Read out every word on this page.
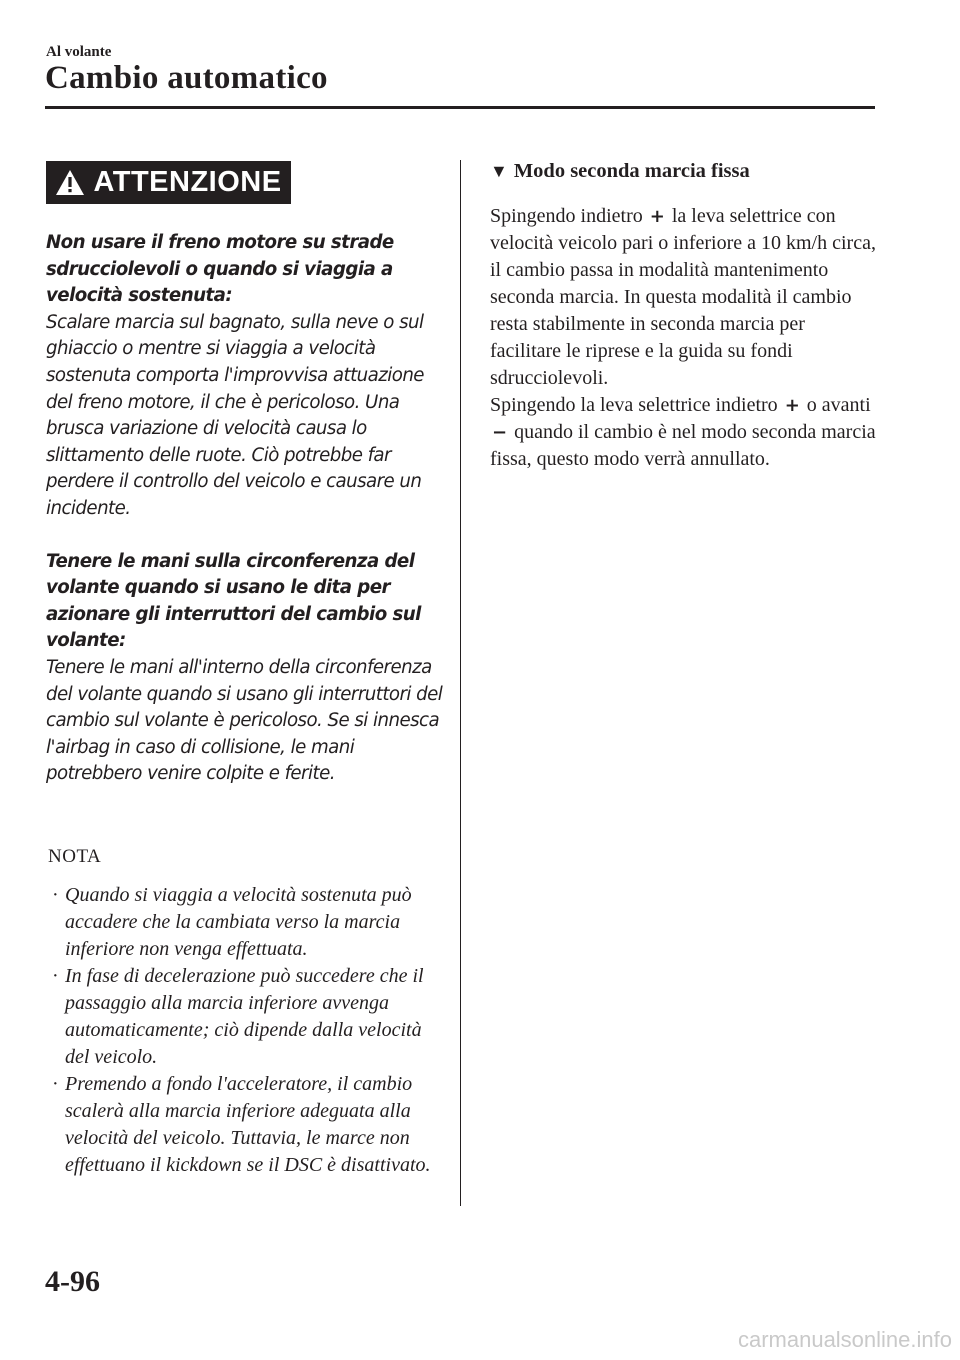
Al volante
Cambio automatico
ATTENZIONE

Non usare il freno motore su strade sdrucciolevoli o quando si viaggia a velocità sostenuta:
Scalare marcia sul bagnato, sulla neve o sul ghiaccio o mentre si viaggia a velocità sostenuta comporta l'improvvisa attuazione del freno motore, il che è pericoloso. Una brusca variazione di velocità causa lo slittamento delle ruote. Ciò potrebbe far perdere il controllo del veicolo e causare un incidente.

Tenere le mani sulla circonferenza del volante quando si usano le dita per azionare gli interruttori del cambio sul volante:
Tenere le mani all'interno della circonferenza del volante quando si usano gli interruttori del cambio sul volante è pericoloso. Se si innesca l'airbag in caso di collisione, le mani potrebbero venire colpite e ferite.

NOTA
· Quando si viaggia a velocità sostenuta può accadere che la cambiata verso la marcia inferiore non venga effettuata.
· In fase di decelerazione può succedere che il passaggio alla marcia inferiore avvenga automaticamente; ciò dipende dalla velocità del veicolo.
· Premendo a fondo l'acceleratore, il cambio scalerà alla marcia inferiore adeguata alla velocità del veicolo. Tuttavia, le marce non effettuano il kickdown se il DSC è disattivato.
▼ Modo seconda marcia fissa

Spingendo indietro + la leva selettrice con velocità veicolo pari o inferiore a 10 km/h circa, il cambio passa in modalità mantenimento seconda marcia. In questa modalità il cambio resta stabilmente in seconda marcia per facilitare le riprese e la guida su fondi sdrucciolevoli.

Spingendo la leva selettrice indietro + o avanti − quando il cambio è nel modo seconda marcia fissa, questo modo verrà annullato.

4-96
carmanualsonline.info
